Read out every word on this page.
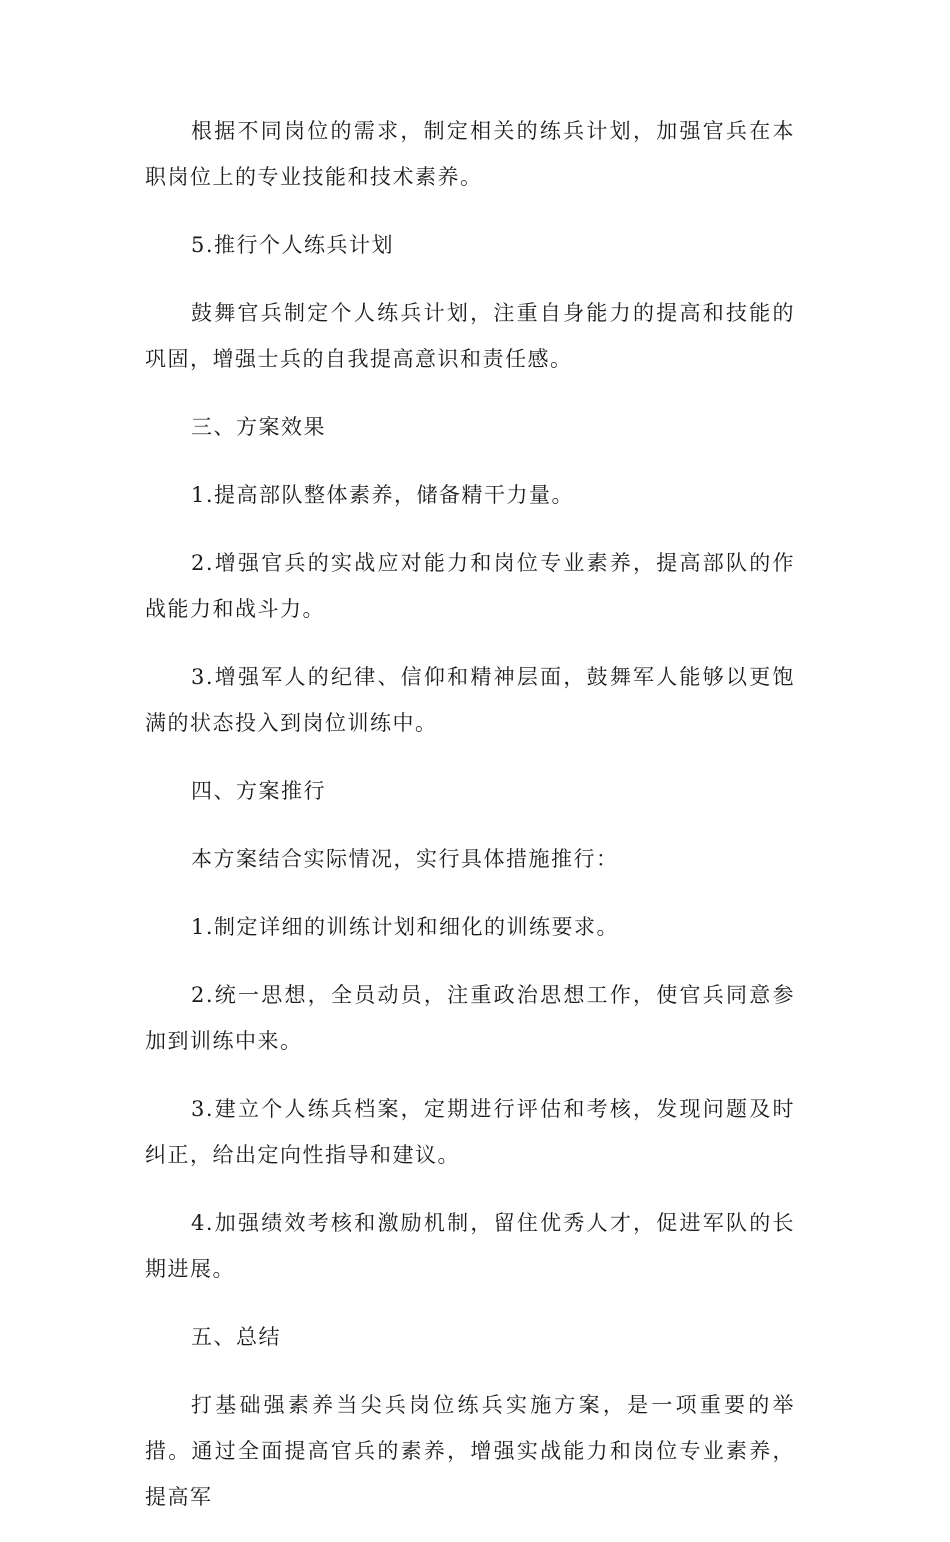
根据不同岗位的需求，制定相关的练兵计划，加强官兵在本职岗位上的专业技能和技术素养。

5.推行个人练兵计划

鼓舞官兵制定个人练兵计划，注重自身能力的提高和技能的巩固，增强士兵的自我提高意识和责任感。

三、方案效果

1.提高部队整体素养，储备精干力量。

2.增强官兵的实战应对能力和岗位专业素养，提高部队的作战能力和战斗力。

3.增强军人的纪律、信仰和精神层面，鼓舞军人能够以更饱满的状态投入到岗位训练中。

四、方案推行

本方案结合实际情况，实行具体措施推行：

1.制定详细的训练计划和细化的训练要求。

2.统一思想，全员动员，注重政治思想工作，使官兵同意参加到训练中来。

3.建立个人练兵档案，定期进行评估和考核，发现问题及时纠正，给出定向性指导和建议。

4.加强绩效考核和激励机制，留住优秀人才，促进军队的长期进展。

五、总结

打基础强素养当尖兵岗位练兵实施方案，是一项重要的举措。通过全面提高官兵的素养，增强实战能力和岗位专业素养，提高军
